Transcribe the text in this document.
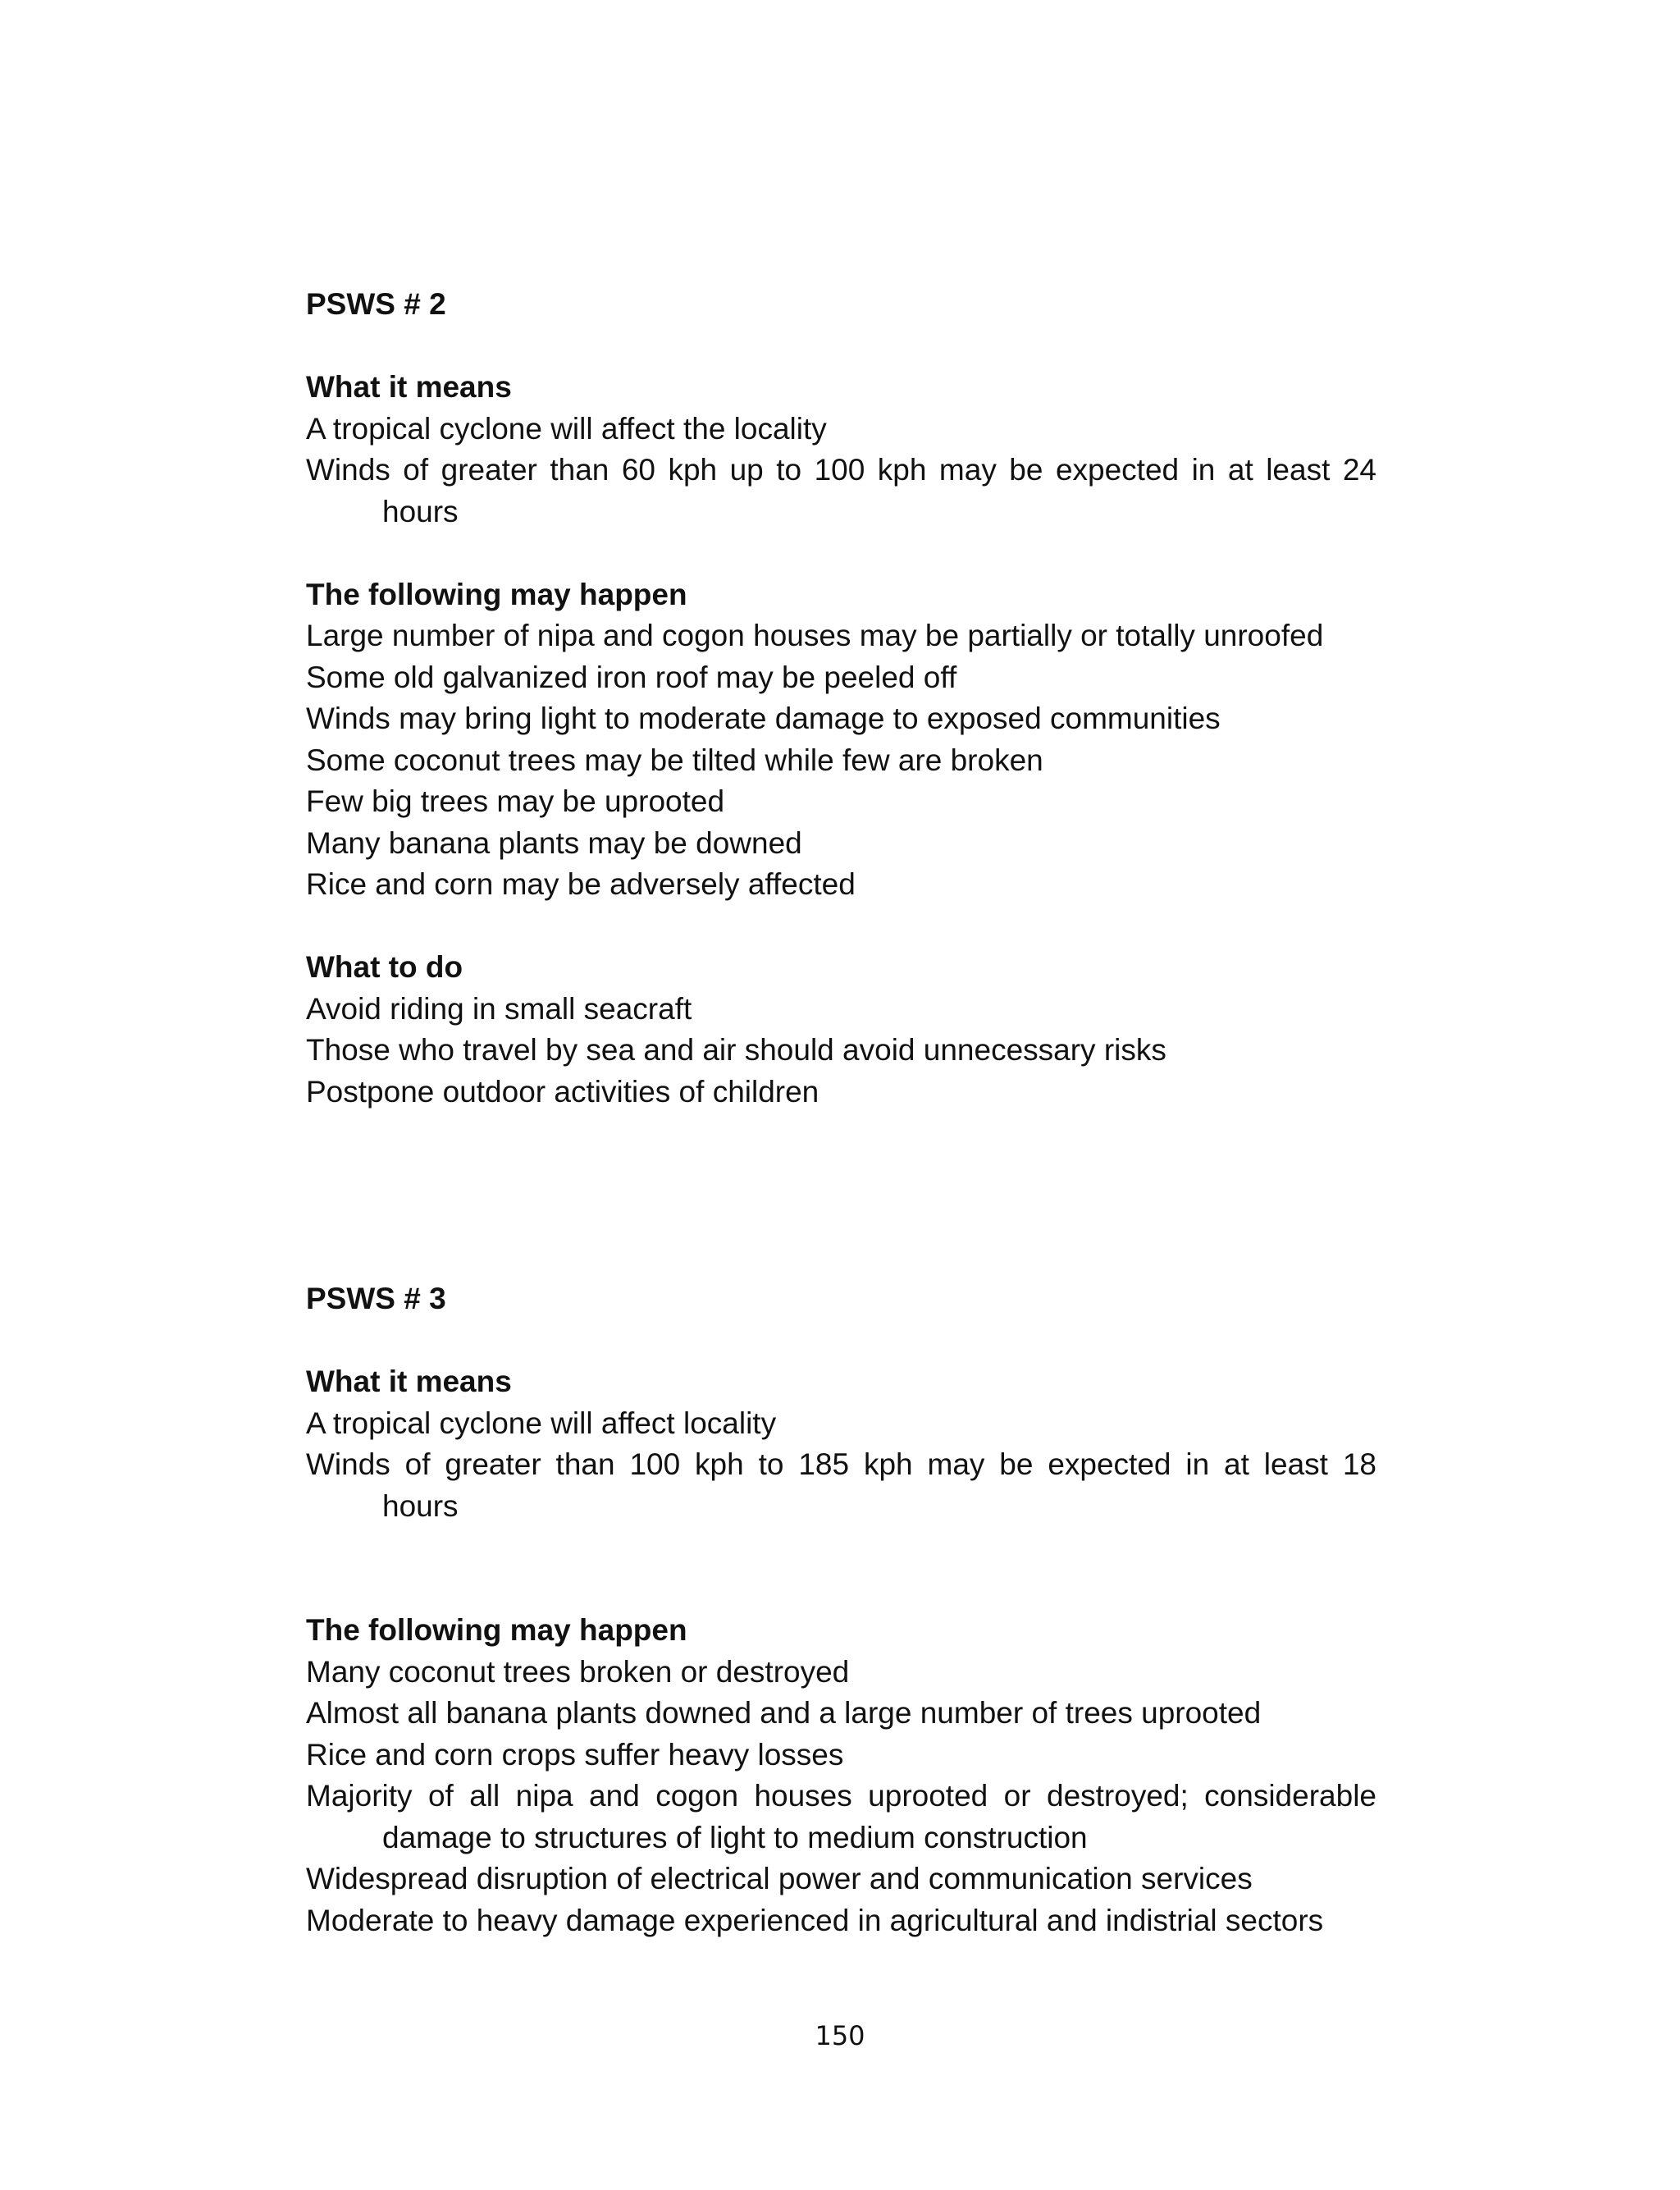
PSWS # 2
What it means
A tropical cyclone will affect the locality
Winds of greater than 60 kph up to 100 kph may be expected in at least 24
hours
The following may happen
Large number of nipa and cogon houses may be partially or totally unroofed
Some old galvanized iron roof may be peeled off
Winds may bring light to moderate damage to exposed communities
Some coconut trees may be tilted while few are broken
Few big trees may be uprooted
Many banana plants may be downed
Rice and corn may be adversely affected
What to do
Avoid riding in small seacraft
Those who travel by sea and air should avoid unnecessary risks
Postpone outdoor activities of children
PSWS # 3
What it means
A tropical cyclone will affect locality
Winds of greater than 100 kph to 185 kph may be expected in at least 18
hours
The following may happen
Many coconut trees broken or destroyed
Almost all banana plants downed and a large number of trees uprooted
Rice and corn crops suffer heavy losses
Majority of all nipa and cogon houses uprooted or destroyed; considerable
damage to structures of light to medium construction
Widespread disruption of electrical power and communication services
Moderate to heavy damage experienced in agricultural and indistrial sectors
150
